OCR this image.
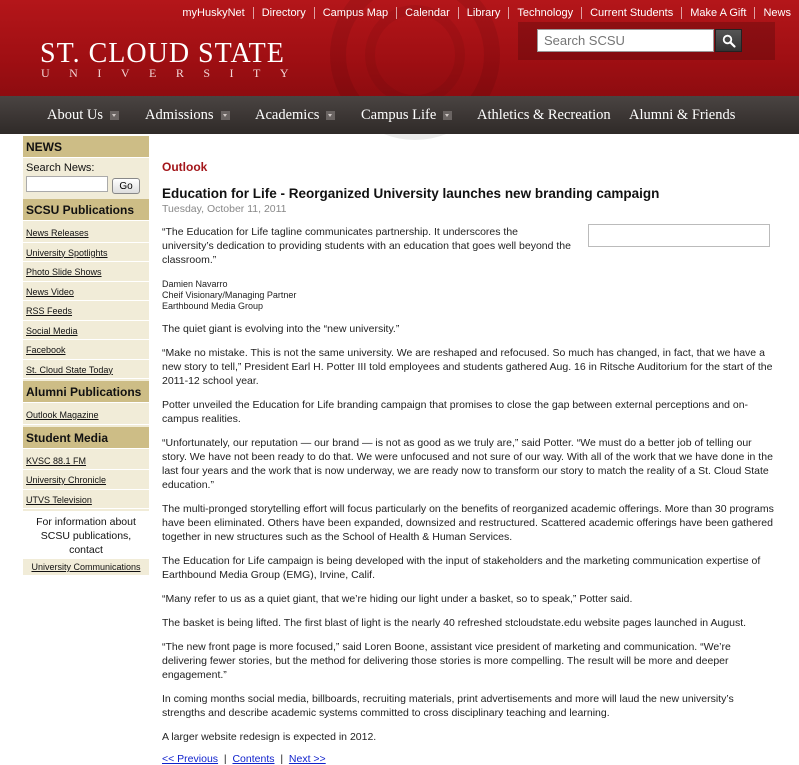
myHuskyNet	Directory	Campus Map	Calendar	Library	Technology	Current Students	Make A Gift	News
ST. CLOUD STATE
UNIVERSITY
Search SCSU
About Us	Admissions	Academics	Campus Life	Athletics & Recreation Alumni & Friends
NEWS
Search News:
Go
SCSU Publications
News Releases
University Spotlights
Photo Slide Shows
News Video
RSS Feeds
Social Media
Facebook
St. Cloud State Today
Alumni Publications
Outlook Magazine
Student Media
KVSC 88.1 FM
University Chronicle
UTVS Television
For information about
SCSU publications, contact
University Communications
Outlook
Education for Life - Reorganized University launches new branding campaign
Tuesday, October 11, 2011

“The Education for Life tagline communicates partnership. It underscores the university’s dedication to providing students with an education that goes well beyond the classroom.”

Damien Navarro
Cheif Visionary/Managing Partner
Earthbound Media Group

The quiet giant is evolving into the “new university.”

“Make no mistake. This is not the same university. We are reshaped and refocused. So much has changed, in fact, that we have a new story to tell,” President Earl H. Potter III told employees and students gathered Aug. 16 in Ritsche Auditorium for the start of the 2011-12 school year.

Potter unveiled the Education for Life branding campaign that promises to close the gap between external perceptions and on-campus realities.

“Unfortunately, our reputation — our brand — is not as good as we truly are,” said Potter. “We must do a better job of telling our story. We have not been ready to do that. We were unfocused and not sure of our way. With all of the work that we have done in the last four years and the work that is now underway, we are ready now to transform our story to match the reality of a St. Cloud State education.”

The multi-pronged storytelling effort will focus particularly on the benefits of reorganized academic offerings. More than 30 programs have been eliminated. Others have been expanded, downsized and restructured. Scattered academic offerings have been gathered together in new structures such as the School of Health & Human Services.

The Education for Life campaign is being developed with the input of stakeholders and the marketing communication expertise of Earthbound Media Group (EMG), Irvine, Calif.

“Many refer to us as a quiet giant, that we’re hiding our light under a basket, so to speak,” Potter said.

The basket is being lifted. The first blast of light is the nearly 40 refreshed stcloudstate.edu website pages launched in August.

“The new front page is more focused,” said Loren Boone, assistant vice president of marketing and communication. “We’re delivering fewer stories, but the method for delivering those stories is more compelling. The result will be more and deeper engagement.”

In coming months social media, billboards, recruiting materials, print advertisements and more will laud the new university’s strengths and describe academic systems committed to cross disciplinary teaching and learning.

A larger website redesign is expected in 2012.

<< Previous | Contents | Next >>
